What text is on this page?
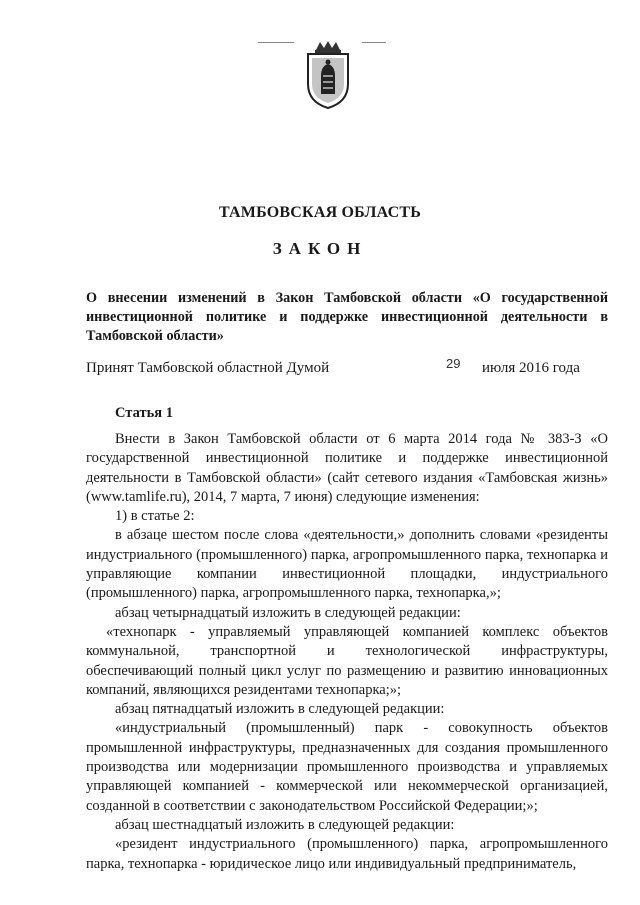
ТАМБОВСКАЯ ОБЛАСТЬ
ЗАКОН
О внесении изменений в Закон Тамбовской области «О государственной инвестиционной политике и поддержке инвестиционной деятельности в Тамбовской области»
Принят Тамбовской областной Думой	29 июля 2016 года
Статья 1

Внести в Закон Тамбовской области от 6 марта 2014 года № 383-З «О государственной инвестиционной политике и поддержке инвестиционной деятельности в Тамбовской области» (сайт сетевого издания «Тамбовская жизнь» (www.tamlife.ru), 2014, 7 марта, 7 июня) следующие изменения:

1) в статье 2:

в абзаце шестом после слова «деятельности,» дополнить словами «резиденты индустриального (промышленного) парка, агропромышленного парка, технопарка и управляющие компании инвестиционной площадки, индустриального (промышленного) парка, агропромышленного парка, технопарка,»;

абзац четырнадцатый изложить в следующей редакции:

«технопарк - управляемый управляющей компанией комплекс объектов коммунальной, транспортной и технологической инфраструктуры, обеспечивающий полный цикл услуг по размещению и развитию инновационных компаний, являющихся резидентами технопарка;»;

абзац пятнадцатый изложить в следующей редакции:

«индустриальный (промышленный) парк - совокупность объектов промышленной инфраструктуры, предназначенных для создания промышленного производства или модернизации промышленного производства и управляемых управляющей компанией - коммерческой или некоммерческой организацией, созданной в соответствии с законодательством Российской Федерации;»;

абзац шестнадцатый изложить в следующей редакции:

«резидент индустриального (промышленного) парка, агропромышленного парка, технопарка - юридическое лицо или индивидуальный предприниматель,
